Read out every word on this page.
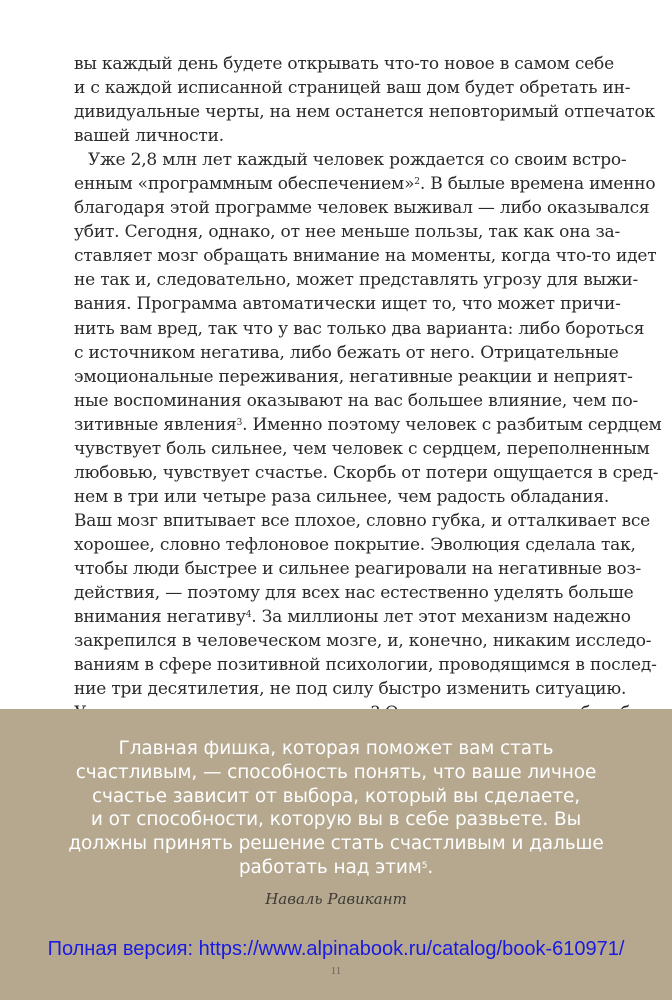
вы каждый день будете открывать что-то новое в самом себе
и с каждой исписанной страницей ваш дом будет обретать ин-
дивидуальные черты, на нем останется неповторимый отпечаток
вашей личности.
Уже 2,8 млн лет каждый человек рождается со своим встро-
енным «программным обеспечением»$^2$. В былые времена именно
благодаря этой программе человек выживал — либо оказывался
убит. Сегодня, однако, от нее меньше пользы, так как она за-
ставляет мозг обращать внимание на моменты, когда что-то идет
не так и, следовательно, может представлять угрозу для выжи-
вания. Программа автоматически ищет то, что может причи-
нить вам вред, так что у вас только два варианта: либо бороться
с источником негатива, либо бежать от него. Отрицательные
эмоциональные переживания, негативные реакции и неприят-
ные воспоминания оказывают на вас большее влияние, чем по-
зитивные явления$^3$. Именно поэтому человек с разбитым сердцем
чувствует боль сильнее, чем человек с сердцем, переполненным
любовью, чувствует счастье. Скорбь от потери ощущается в сред-
нем в три или четыре раза сильнее, чем радость обладания.
Ваш мозг впитывает все плохое, словно губка, и отталкивает все
хорошее, словно тефлоновое покрытие. Эволюция сделала так,
чтобы люди быстрее и сильнее реагировали на негативные воз-
действия, — поэтому для всех нас естественно уделять больше
внимания негативу$^4$. За миллионы лет этот механизм надежно
закрепился в человеческом мозге, и, конечно, никаким исследо-
ваниям в сфере позитивной психологии, проводящимся в послед-
ние три десятилетия, не под силу быстро изменить ситуацию.
Главная фишка, которая поможет вам стать
счастливым, — способность понять, что ваше личное
счастье зависит от выбора, который вы сделаете,
и от способности, которую вы в себе развьете. Вы
должны принять решение стать счастливым и дальше
работать над этим$^5$.
Наваль Равикант
11
Полная версия: https://www.alpinabook.ru/catalog/book-610971/
